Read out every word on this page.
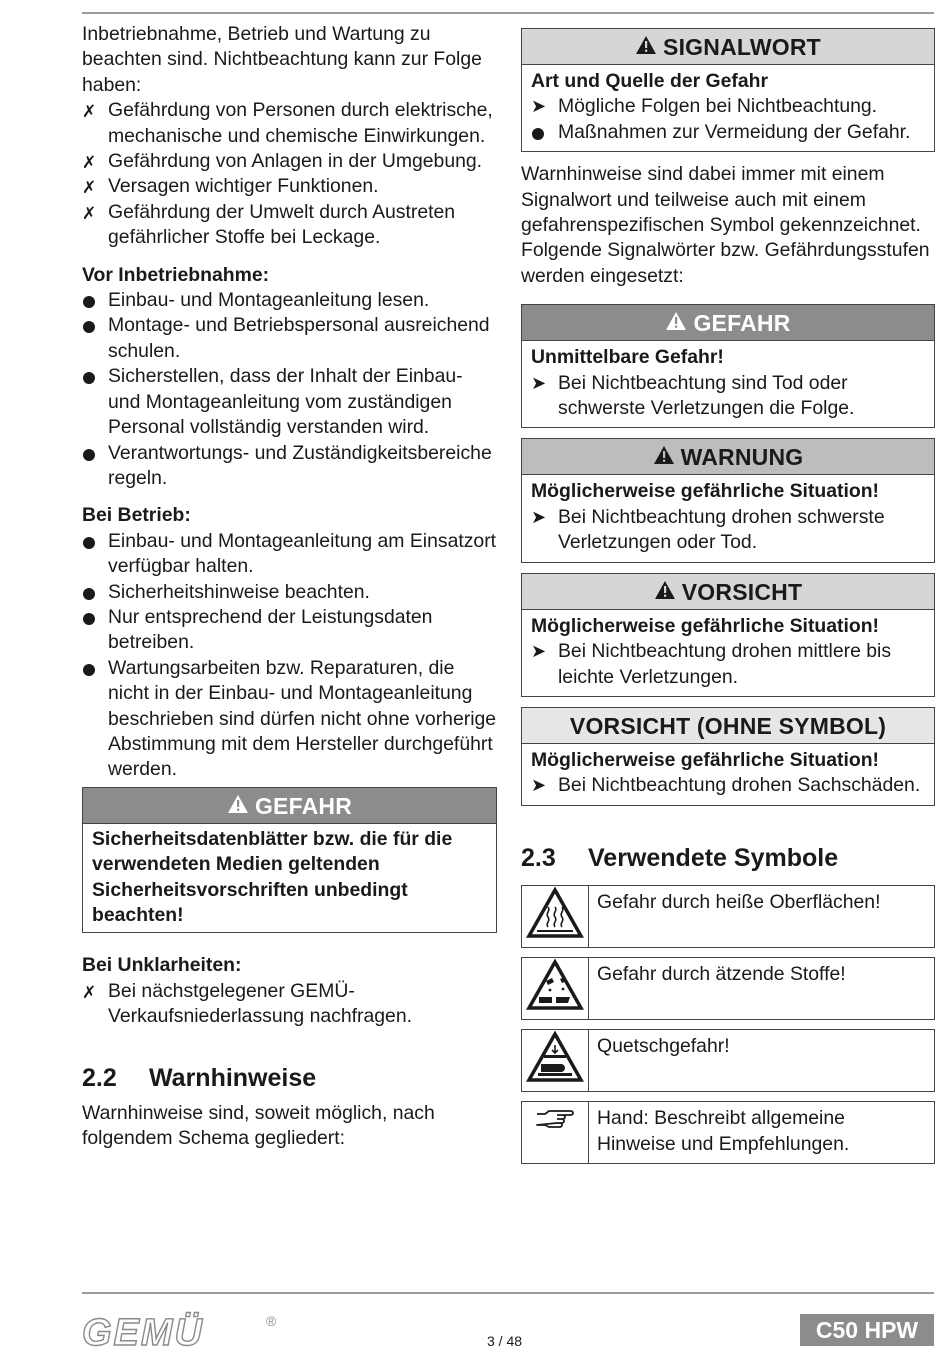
Inbetriebnahme, Betrieb und Wartung zu beachten sind. Nichtbeachtung kann zur Folge haben:

✗ Gefährdung von Personen durch elektrische, mechanische und chemische Einwirkungen.
✗ Gefährdung von Anlagen in der Umgebung.
✗ Versagen wichtiger Funktionen.
✗ Gefährdung der Umwelt durch Austreten gefährlicher Stoffe bei Leckage.

Vor Inbetriebnahme:

Einbau- und Montageanleitung lesen.
Montage- und Betriebspersonal ausreichend schulen.
Sicherstellen, dass der Inhalt der Einbau- und Montageanleitung vom zuständigen Personal vollständig verstanden wird.
Verantwortungs- und Zuständigkeitsbereiche regeln.

Bei Betrieb:

Einbau- und Montageanleitung am Einsatzort verfügbar halten.
Sicherheitshinweise beachten.
Nur entsprechend der Leistungsdaten betreiben.
Wartungsarbeiten bzw. Reparaturen, die nicht in der Einbau- und Montageanleitung beschrieben sind dürfen nicht ohne vorherige Abstimmung mit dem Hersteller durchgeführt werden.
GEFAHR

Sicherheitsdatenblätter bzw. die für die verwendeten Medien geltenden Sicherheitsvorschriften unbedingt beachten!

Bei Unklarheiten:

✗ Bei nächstgelegener GEMÜ-Verkaufsniederlassung nachfragen.
2.2 Warnhinweise

Warnhinweise sind, soweit möglich, nach folgendem Schema gegliedert:

SIGNALWORT

Art und Quelle der Gefahr

➤ Mögliche Folgen bei Nichtbeachtung.
Maßnahmen zur Vermeidung der Gefahr.

Warnhinweise sind dabei immer mit einem Signalwort und teilweise auch mit einem gefahrenspezifischen Symbol gekennzeichnet.

Folgende Signalwörter bzw. Gefährdungsstufen werden eingesetzt:

GEFAHR

Unmittelbare Gefahr!

➤ Bei Nichtbeachtung sind Tod oder schwerste Verletzungen die Folge.
WARNUNG

Möglicherweise gefährliche Situation!

➤ Bei Nichtbeachtung drohen schwerste Verletzungen oder Tod.
VORSICHT

Möglicherweise gefährliche Situation!

➤ Bei Nichtbeachtung drohen mittlere bis leichte Verletzungen.
VORSICHT (OHNE SYMBOL)

Möglicherweise gefährliche Situation!

➤ Bei Nichtbeachtung drohen Sachschäden.
2.3 Verwendete Symbole
	Gefahr durch heiße Oberflächen!
	Gefahr durch ätzende Stoffe!
	Quetschgefahr!
	Hand: Beschreibt allgemeine Hinweise und Empfehlungen.
GEMÜ	®
3 / 48	C50 HPW
